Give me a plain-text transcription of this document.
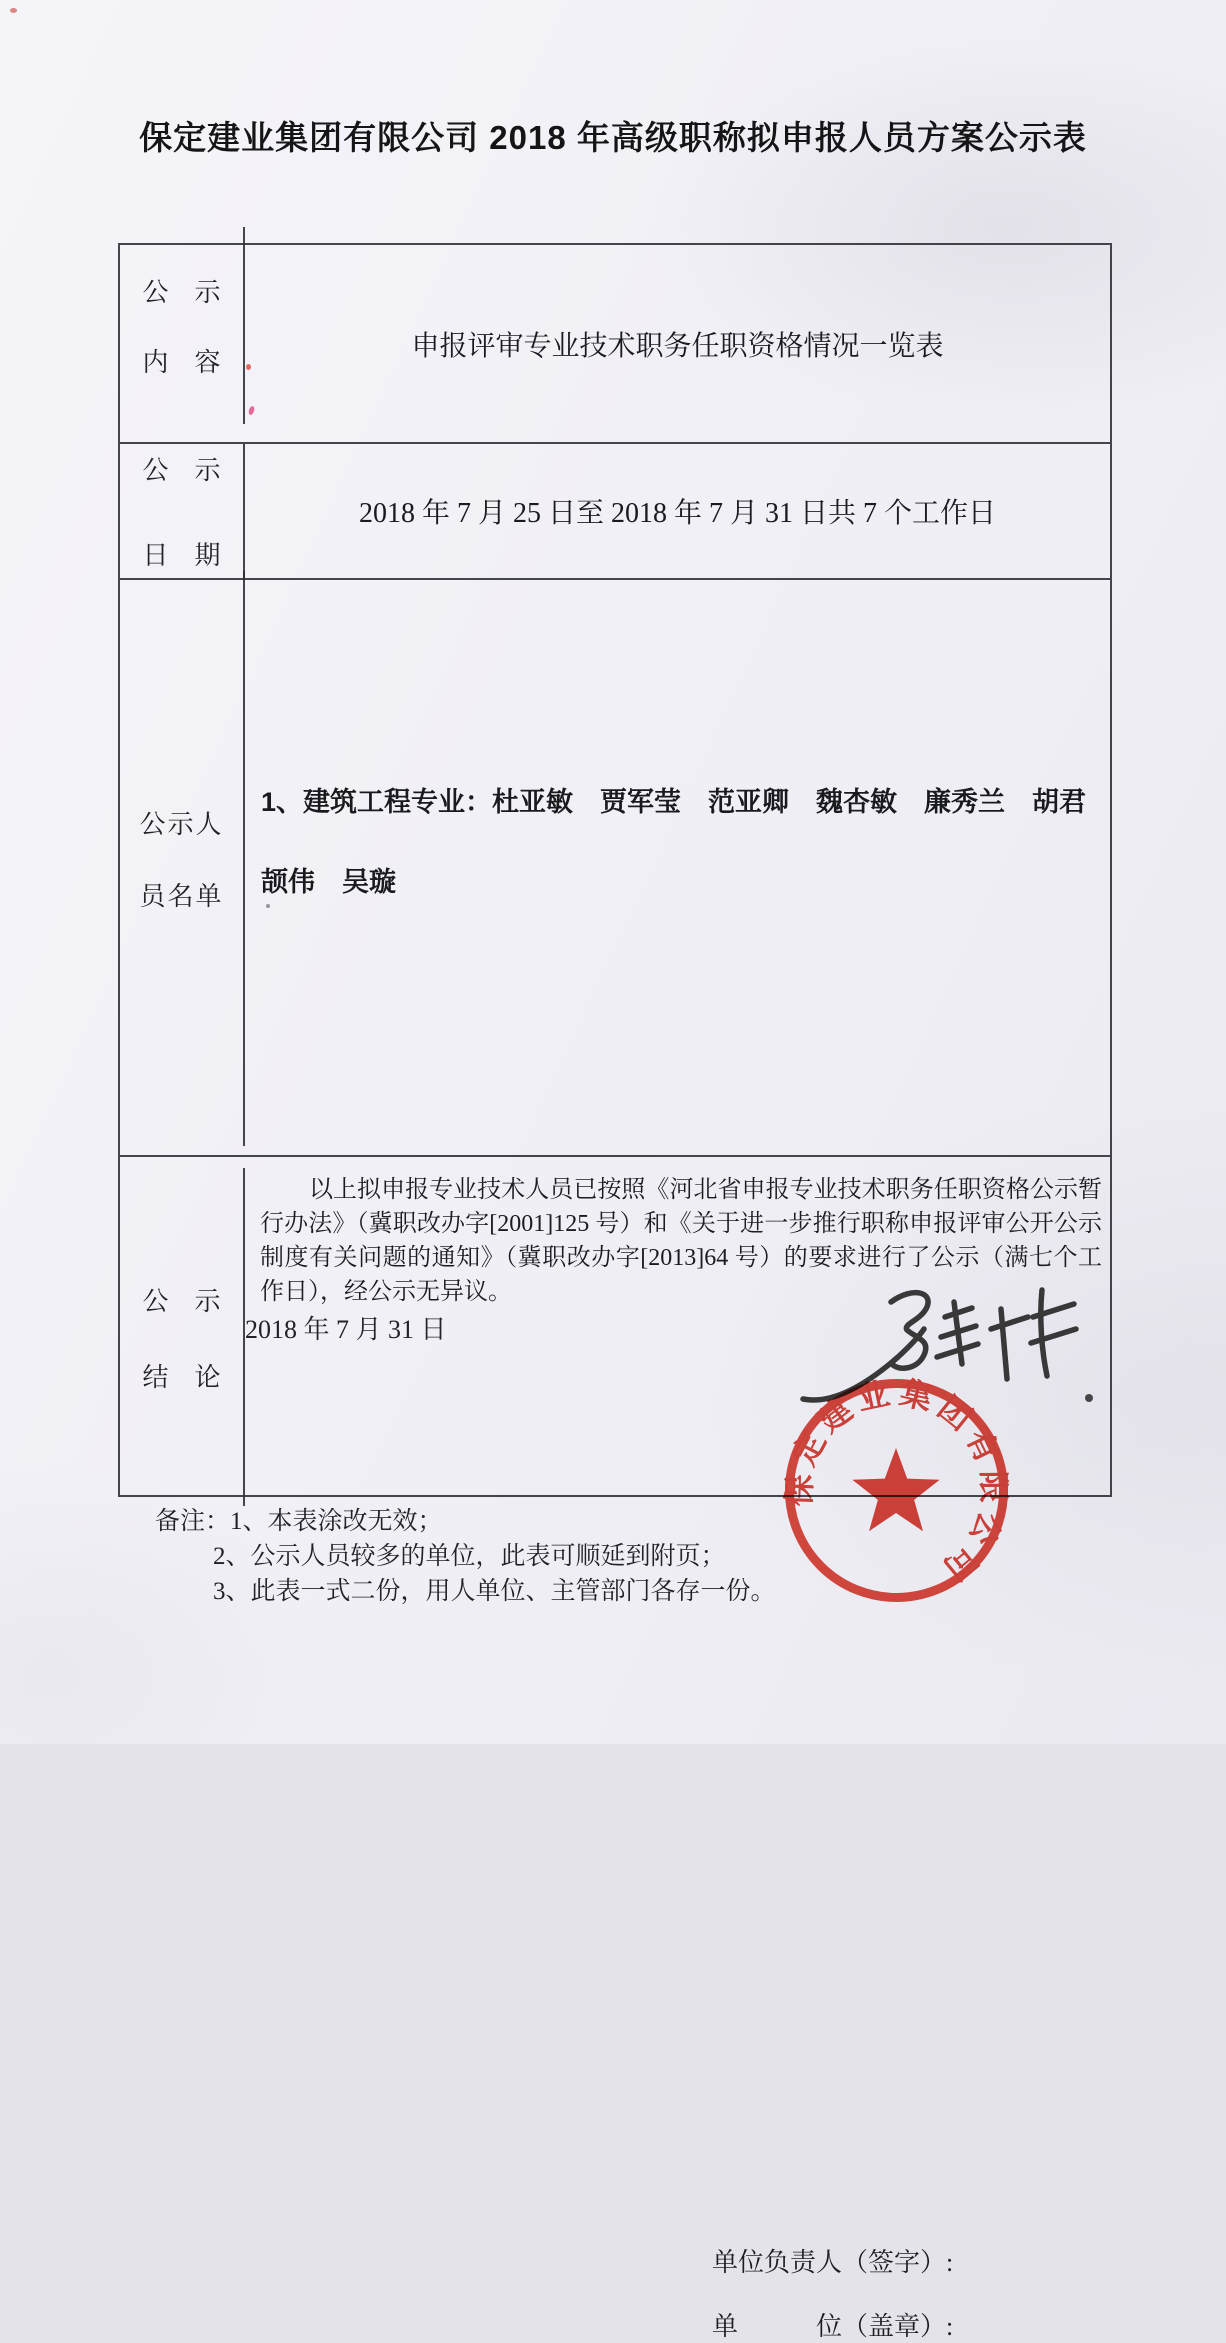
保定建业集团有限公司 2018 年高级职称拟申报人员方案公示表
公　示
内　容
申报评审专业技术职务任职资格情况一览表
公　示
日　期
2018 年 7 月 25 日至 2018 年 7 月 31 日共 7 个工作日
公示人
员名单
1、建筑工程专业：杜亚敏　贾军莹　范亚卿　魏杏敏　廉秀兰　胡君
颉伟　吴璇
公　示
结　论

以上拟申报专业技术人员已按照《河北省申报专业技术职务任职资格公示暂行办法》（冀职改办字[2001]125 号）和《关于进一步推行职称申报评审公开公示制度有关问题的通知》（冀职改办字[2013]64 号）的要求进行了公示（满七个工作日），经公示无异议。

单位负责人（签字）:
单　　　位（盖章）:
2018 年 7 月 31 日
保定建业集团有限公司
备注：1、本表涂改无效；
2、公示人员较多的单位，此表可顺延到附页；
3、此表一式二份，用人单位、主管部门各存一份。
